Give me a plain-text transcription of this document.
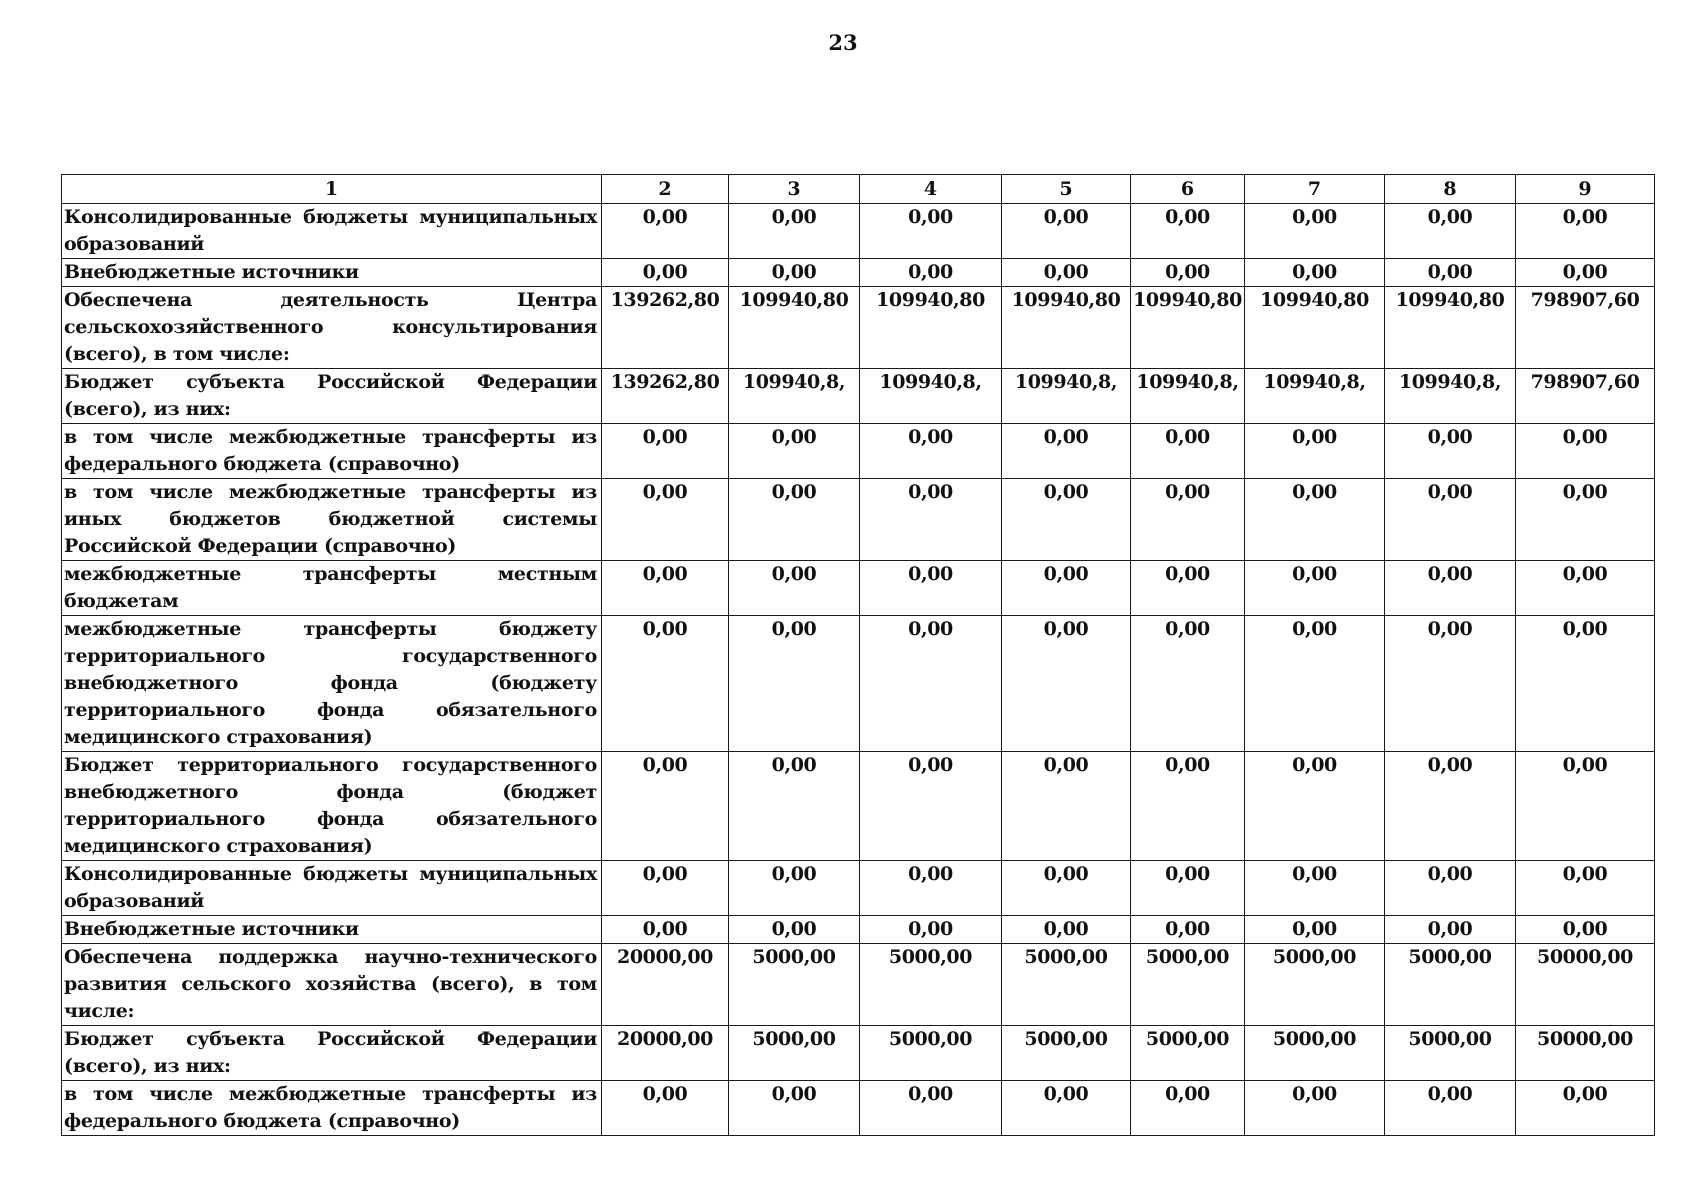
23
1	2	3	4	5	6	7	8	9
Консолидированные бюджеты муниципальных образований	0,00	0,00	0,00	0,00	0,00	0,00	0,00	0,00
Внебюджетные источники	0,00	0,00	0,00	0,00	0,00	0,00	0,00	0,00
Обеспечена деятельность Центра сельскохозяйственного консультирования (всего), в том числе:	139262,80	109940,80	109940,80	109940,80	109940,80	109940,80	109940,80	798907,60
Бюджет субъекта Российской Федерации (всего), из них:	139262,80	109940,8,	109940,8,	109940,8,	109940,8,	109940,8,	109940,8,	798907,60
в том числе межбюджетные трансферты из федерального бюджета (справочно)	0,00	0,00	0,00	0,00	0,00	0,00	0,00	0,00
в том числе межбюджетные трансферты из иных бюджетов бюджетной системы Российской Федерации (справочно)	0,00	0,00	0,00	0,00	0,00	0,00	0,00	0,00
межбюджетные трансферты местным бюджетам	0,00	0,00	0,00	0,00	0,00	0,00	0,00	0,00
межбюджетные трансферты бюджету территориального государственного внебюджетного фонда (бюджету территориального фонда обязательного медицинского страхования)	0,00	0,00	0,00	0,00	0,00	0,00	0,00	0,00
Бюджет территориального государственного внебюджетного фонда (бюджет территориального фонда обязательного медицинского страхования)	0,00	0,00	0,00	0,00	0,00	0,00	0,00	0,00
Консолидированные бюджеты муниципальных образований	0,00	0,00	0,00	0,00	0,00	0,00	0,00	0,00
Внебюджетные источники	0,00	0,00	0,00	0,00	0,00	0,00	0,00	0,00
Обеспечена поддержка научно-технического развития сельского хозяйства (всего), в том числе:	20000,00	5000,00	5000,00	5000,00	5000,00	5000,00	5000,00	50000,00
Бюджет субъекта Российской Федерации (всего), из них:	20000,00	5000,00	5000,00	5000,00	5000,00	5000,00	5000,00	50000,00
в том числе межбюджетные трансферты из федерального бюджета (справочно)	0,00	0,00	0,00	0,00	0,00	0,00	0,00	0,00
